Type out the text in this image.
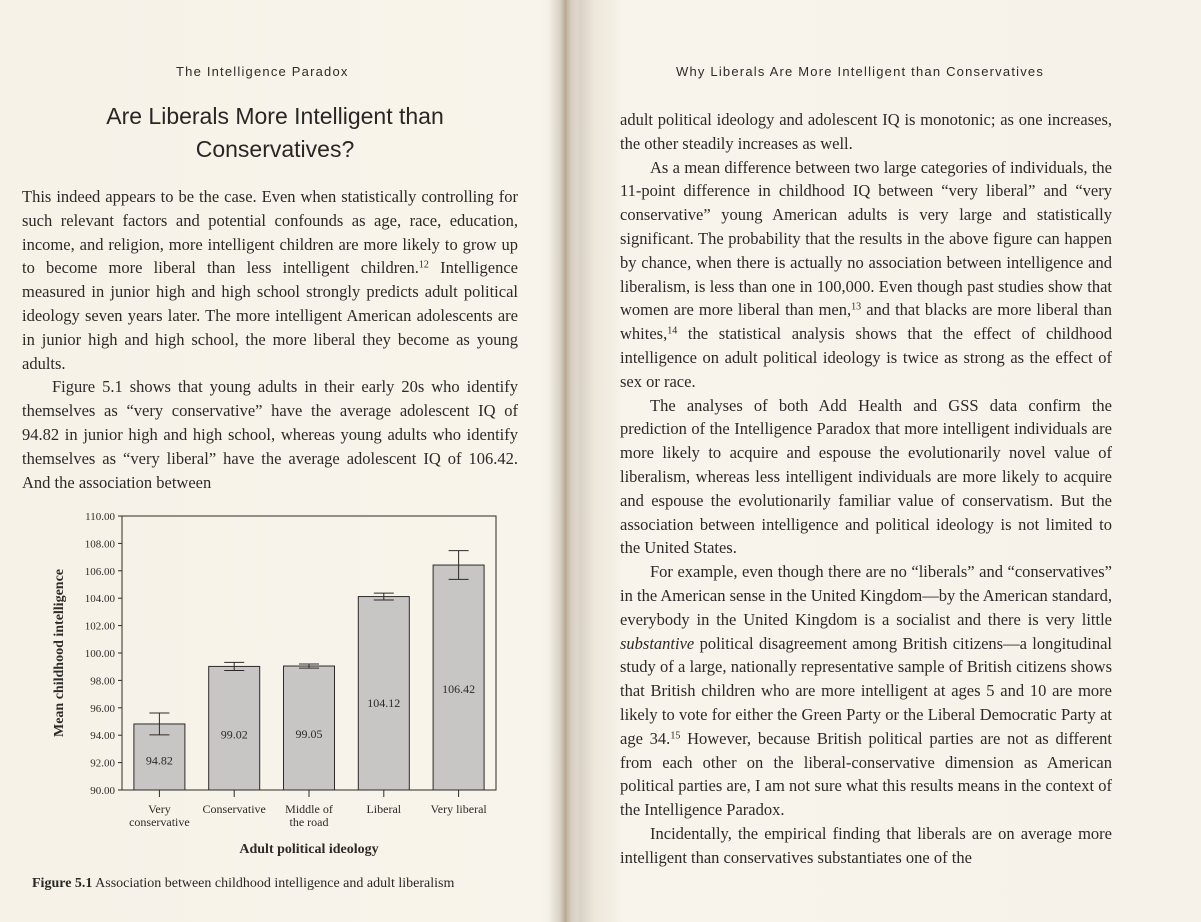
The Intelligence Paradox
Are Liberals More Intelligent than
Conservatives?

This indeed appears to be the case. Even when statistically controlling for such relevant factors and potential confounds as age, race, education, income, and religion, more intelligent children are more likely to grow up to become more liberal than less intelligent children.$^{12}$ Intelligence measured in junior high and high school strongly predicts adult political ideology seven years later. The more intelligent American adolescents are in junior high and high school, the more liberal they become as young adults.

Figure 5.1 shows that young adults in their early 20s who identify themselves as “very conservative” have the average adolescent IQ of 94.82 in junior high and high school, whereas young adults who identify themselves as “very liberal” have the average adolescent IQ of 106.42. And the association between

90.00
92.00
94.00
96.00
98.00
100.00
102.00
104.00
106.00
108.00
110.00
Mean childhood intelligence
94.82
Very
conservative
99.02
Conservative
99.05
Middle of
the road
104.12
Liberal
106.42
Very liberal
Adult political ideology
Figure 5.1 Association between childhood intelligence and adult liberalism
Why Liberals Are More Intelligent than Conservatives

adult political ideology and adolescent IQ is monotonic; as one increases, the other steadily increases as well.

As a mean difference between two large categories of individuals, the 11-point difference in childhood IQ between “very liberal” and “very conservative” young American adults is very large and statistically significant. The probability that the results in the above figure can happen by chance, when there is actually no association between intelligence and liberalism, is less than one in 100,000. Even though past studies show that women are more liberal than men,$^{13}$ and that blacks are more liberal than whites,$^{14}$ the statistical analysis shows that the effect of childhood intelligence on adult political ideology is twice as strong as the effect of sex or race.

The analyses of both Add Health and GSS data confirm the prediction of the Intelligence Paradox that more intelligent individuals are more likely to acquire and espouse the evolutionarily novel value of liberalism, whereas less intelligent individuals are more likely to acquire and espouse the evolutionarily familiar value of conservatism. But the association between intelligence and political ideology is not limited to the United States.

For example, even though there are no “liberals” and “conservatives” in the American sense in the United Kingdom—by the American standard, everybody in the United Kingdom is a socialist and there is very little substantive political disagreement among British citizens—a longitudinal study of a large, nationally representative sample of British citizens shows that British children who are more intelligent at ages 5 and 10 are more likely to vote for either the Green Party or the Liberal Democratic Party at age 34.15 However, because British political parties are not as different from each other on the liberal-conservative dimension as American political parties are, I am not sure what this results means in the context of the Intelligence Paradox.

Incidentally, the empirical finding that liberals are on average more intelligent than conservatives substantiates one of the
